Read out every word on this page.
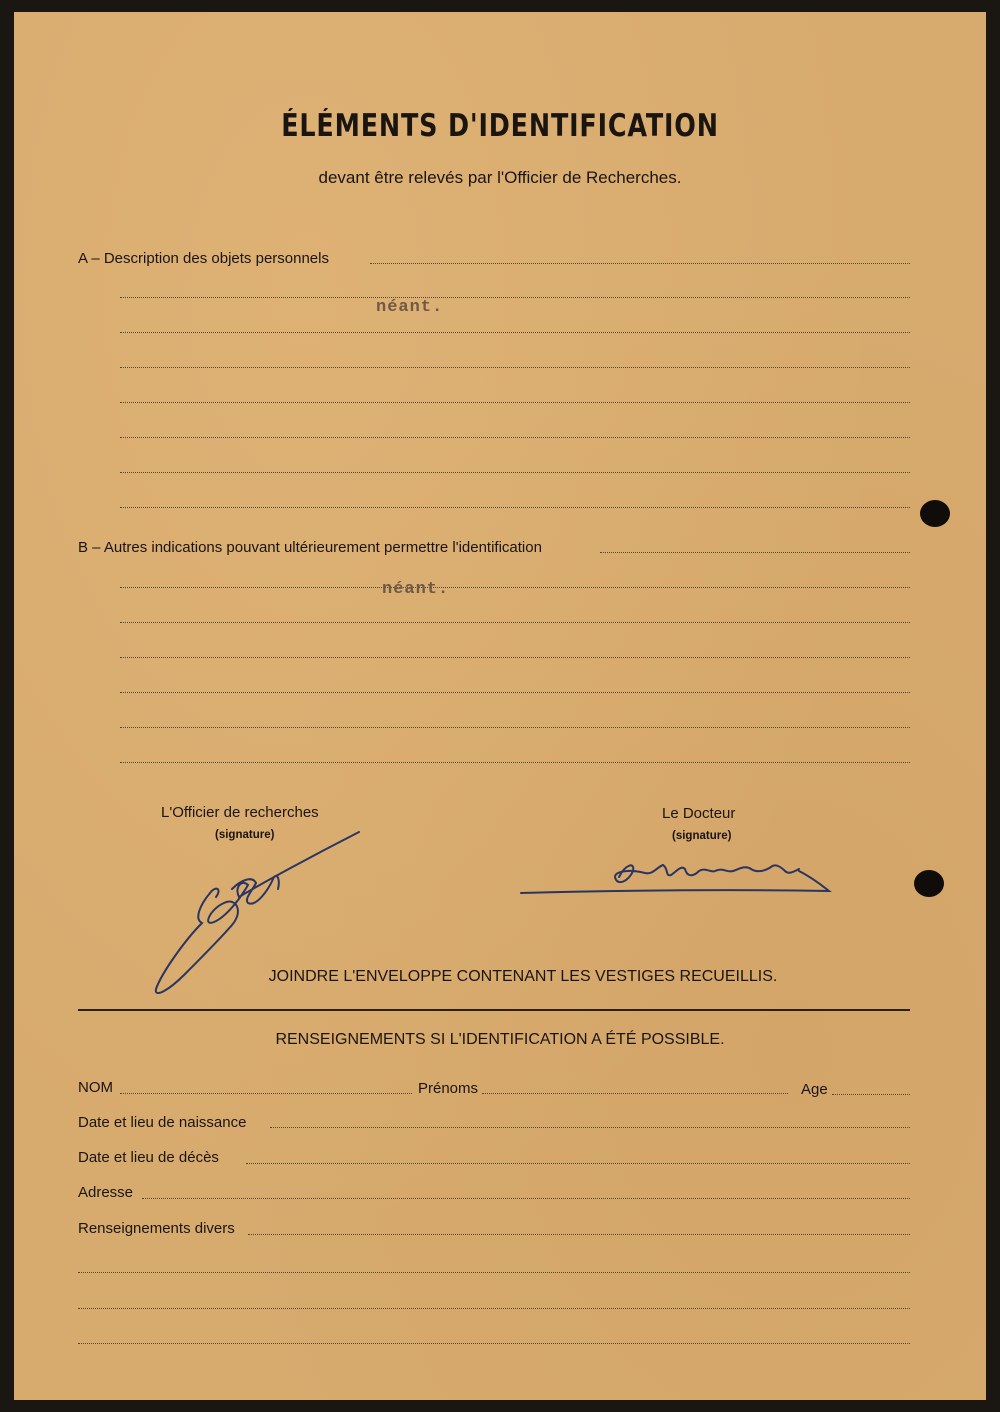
ÉLÉMENTS D'IDENTIFICATION
devant être relevés par l'Officier de Recherches.
A – Description des objets personnels
néant.
B – Autres indications pouvant ultérieurement permettre l'identification
néant.
L'Officier de recherches
(signature)
Le Docteur
(signature)
JOINDRE L'ENVELOPPE CONTENANT LES VESTIGES RECUEILLIS.
RENSEIGNEMENTS SI L'IDENTIFICATION A ÉTÉ POSSIBLE.
NOM	Prénoms	Age
Date et lieu de naissance
Date et lieu de décès
Adresse
Renseignements divers
